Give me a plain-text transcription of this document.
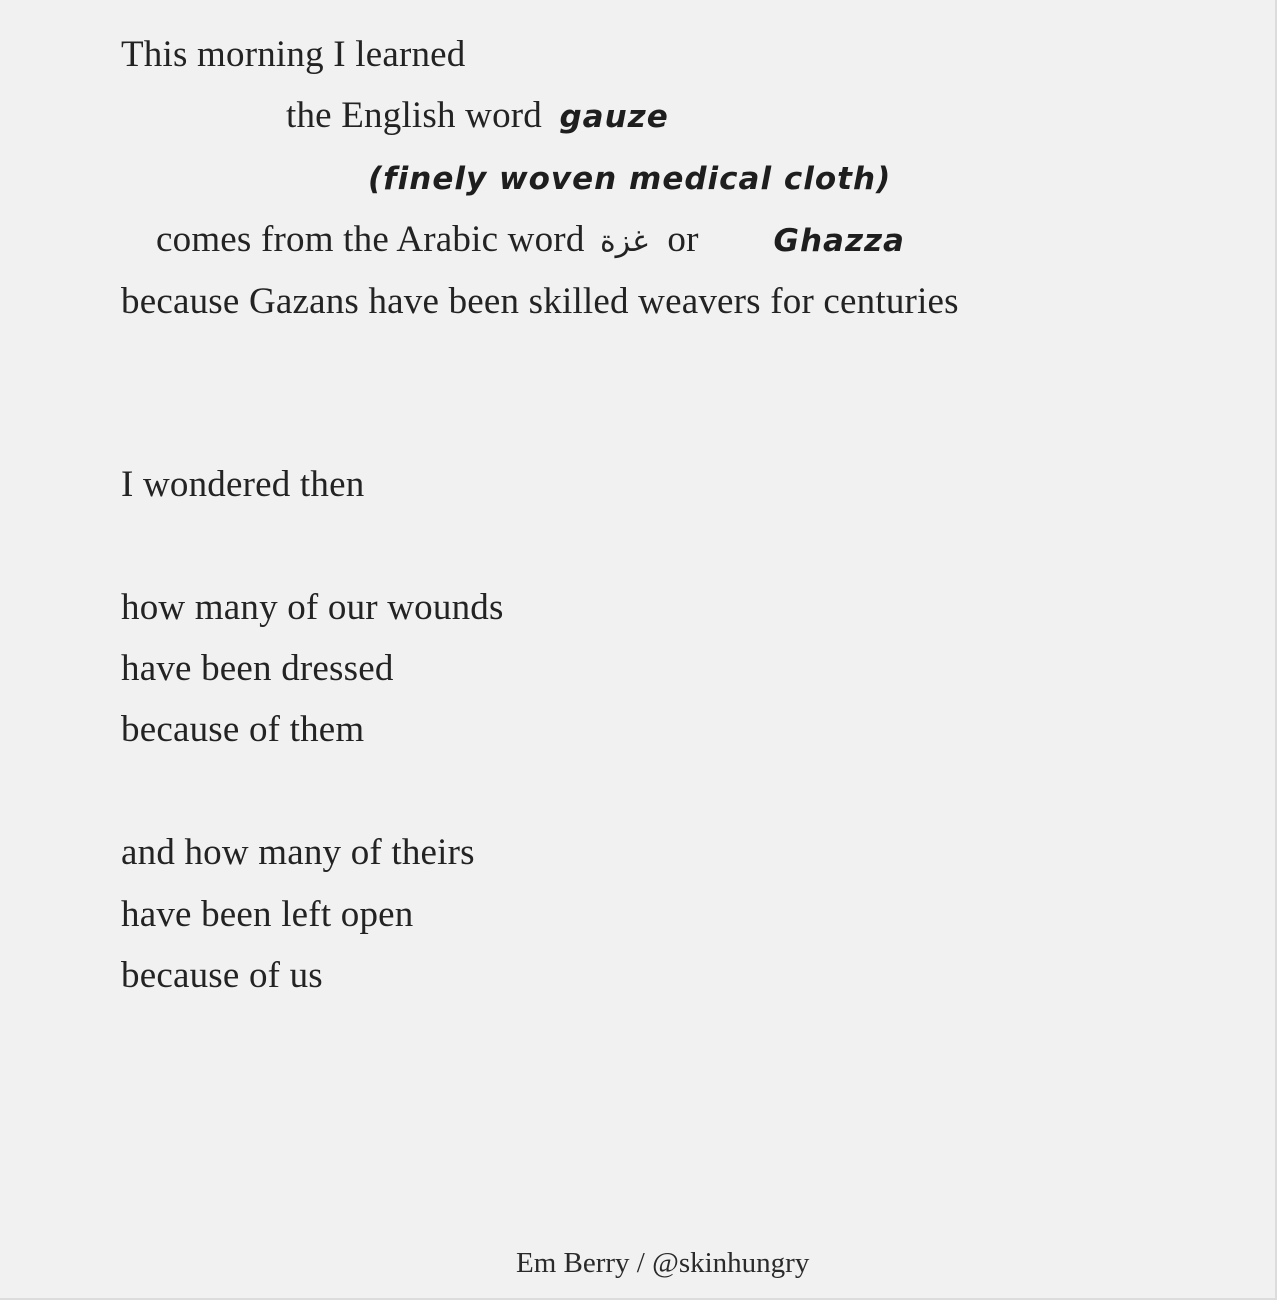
This morning I learned
the English word gauze
(finely woven medical cloth)
comes from the Arabic word غزة or Ghazza
because Gazans have been skilled weavers for centuries
I wondered then
how many of our wounds
have been dressed
because of them
and how many of theirs
have been left open
because of us
Em Berry / @skinhungry
